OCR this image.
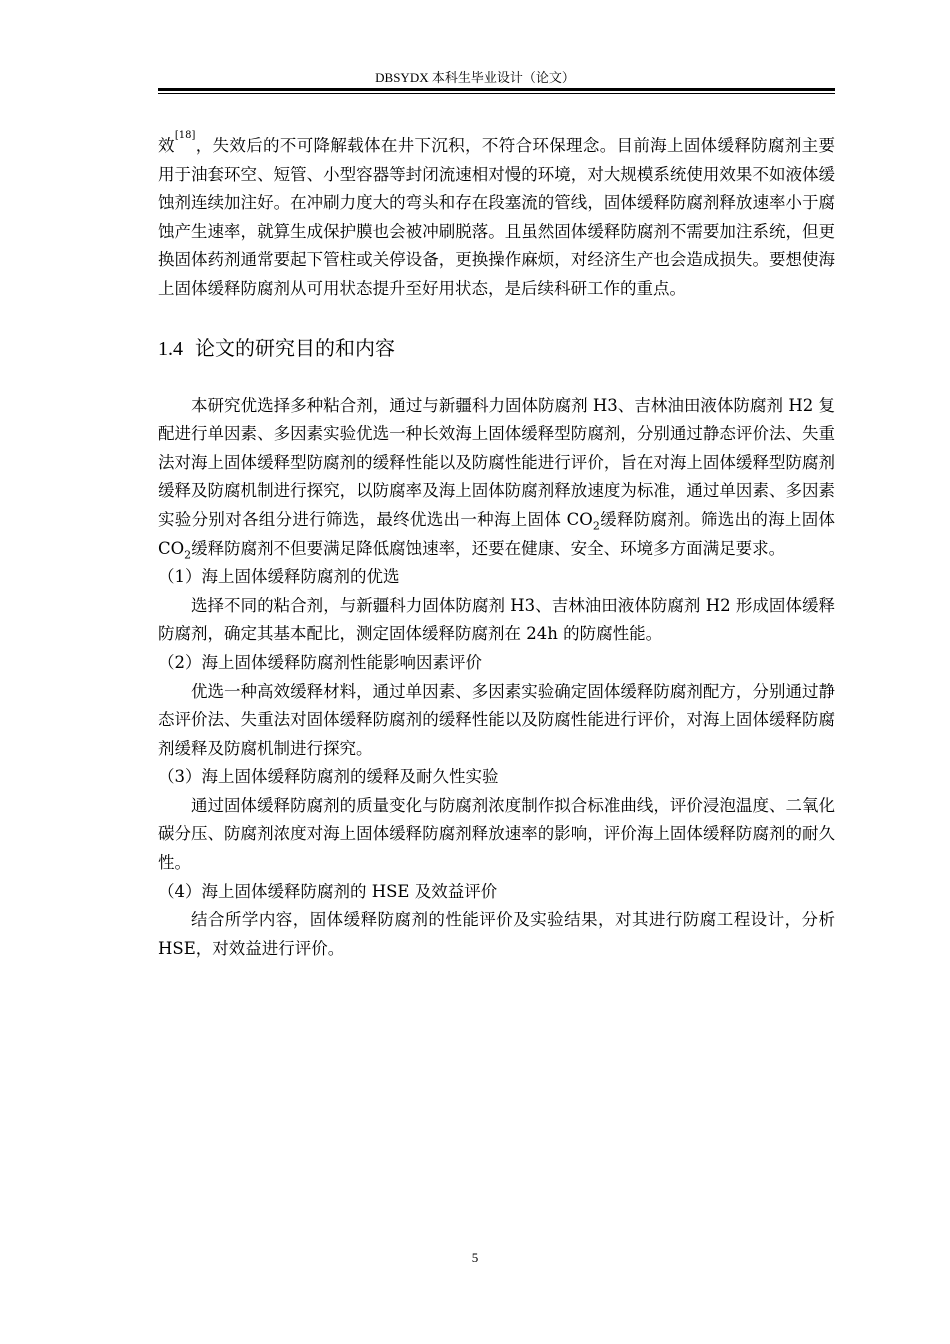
DBSYDX 本科生毕业设计（论文）

效[18]，失效后的不可降解载体在井下沉积，不符合环保理念。目前海上固体缓释防腐剂主要用于油套环空、短管、小型容器等封闭流速相对慢的环境，对大规模系统使用效果不如液体缓蚀剂连续加注好。在冲刷力度大的弯头和存在段塞流的管线，固体缓释防腐剂释放速率小于腐蚀产生速率，就算生成保护膜也会被冲刷脱落。且虽然固体缓释防腐剂不需要加注系统，但更换固体药剂通常要起下管柱或关停设备，更换操作麻烦，对经济生产也会造成损失。要想使海上固体缓释防腐剂从可用状态提升至好用状态，是后续科研工作的重点。

1.4 论文的研究目的和内容

本研究优选择多种粘合剂，通过与新疆科力固体防腐剂 H3、吉林油田液体防腐剂 H2 复配进行单因素、多因素实验优选一种长效海上固体缓释型防腐剂，分别通过静态评价法、失重法对海上固体缓释型防腐剂的缓释性能以及防腐性能进行评价，旨在对海上固体缓释型防腐剂缓释及防腐机制进行探究，以防腐率及海上固体防腐剂释放速度为标准，通过单因素、多因素实验分别对各组分进行筛选，最终优选出一种海上固体 $CO_2$缓释防腐剂。筛选出的海上固体 $CO_2$缓释防腐剂不但要满足降低腐蚀速率，还要在健康、安全、环境多方面满足要求。

（1）海上固体缓释防腐剂的优选

选择不同的粘合剂，与新疆科力固体防腐剂 H3、吉林油田液体防腐剂 H2 形成固体缓释防腐剂，确定其基本配比，测定固体缓释防腐剂在 24h 的防腐性能。

（2）海上固体缓释防腐剂性能影响因素评价

优选一种高效缓释材料，通过单因素、多因素实验确定固体缓释防腐剂配方，分别通过静态评价法、失重法对固体缓释防腐剂的缓释性能以及防腐性能进行评价，对海上固体缓释防腐剂缓释及防腐机制进行探究。

（3）海上固体缓释防腐剂的缓释及耐久性实验

通过固体缓释防腐剂的质量变化与防腐剂浓度制作拟合标准曲线，评价浸泡温度、二氧化碳分压、防腐剂浓度对海上固体缓释防腐剂释放速率的影响，评价海上固体缓释防腐剂的耐久性。

（4）海上固体缓释防腐剂的 HSE 及效益评价

结合所学内容，固体缓释防腐剂的性能评价及实验结果，对其进行防腐工程设计，分析 HSE，对效益进行评价。

5
